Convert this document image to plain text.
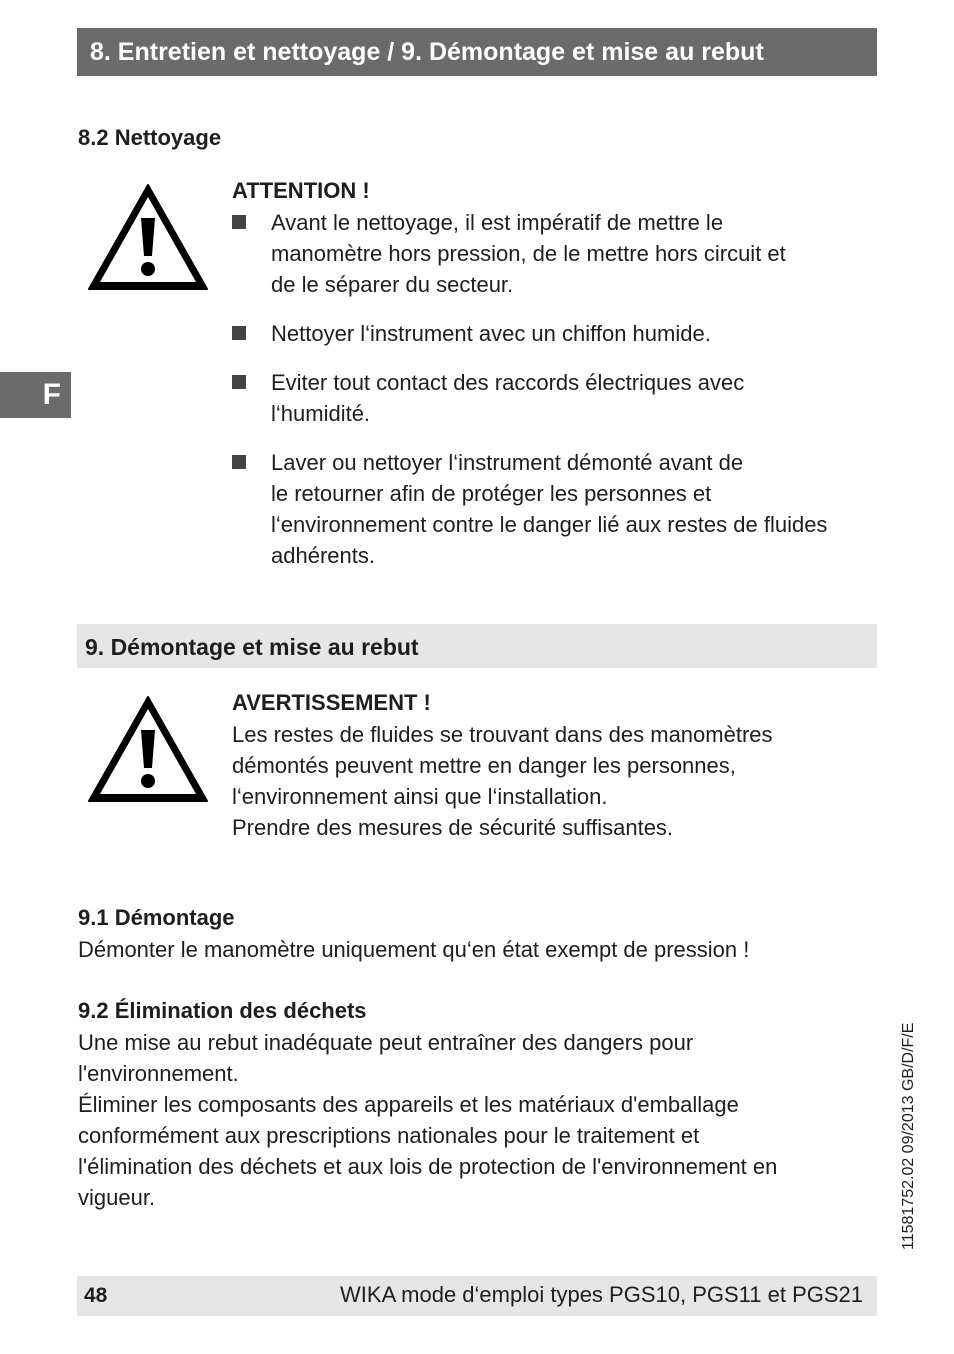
8. Entretien et nettoyage / 9. Démontage et mise au rebut
F
8.2 Nettoyage
ATTENTION !
Avant le nettoyage, il est impératif de mettre le
manomètre hors pression, de le mettre hors circuit et
de le séparer du secteur.
Nettoyer l‘instrument avec un chiffon humide.
Eviter tout contact des raccords électriques avec
l‘humidité.
Laver ou nettoyer l‘instrument démonté avant de
le retourner afin de protéger les personnes et
l‘environnement contre le danger lié aux restes de fluides
adhérents.
9. Démontage et mise au rebut
AVERTISSEMENT !
Les restes de fluides se trouvant dans des manomètres
démontés peuvent mettre en danger les personnes,
l‘environnement ainsi que l‘installation.
Prendre des mesures de sécurité suffisantes.
9.1 Démontage
Démonter le manomètre uniquement qu‘en état exempt de pression !
9.2 Élimination des déchets
Une mise au rebut inadéquate peut entraîner des dangers pour
l'environnement.
Éliminer les composants des appareils et les matériaux d'emballage
conformément aux prescriptions nationales pour le traitement et
l'élimination des déchets et aux lois de protection de l'environnement en
vigueur.	11581752.02 09/2013 GB/D/F/E
48	WIKA mode d‘emploi types PGS10, PGS11 et PGS21
